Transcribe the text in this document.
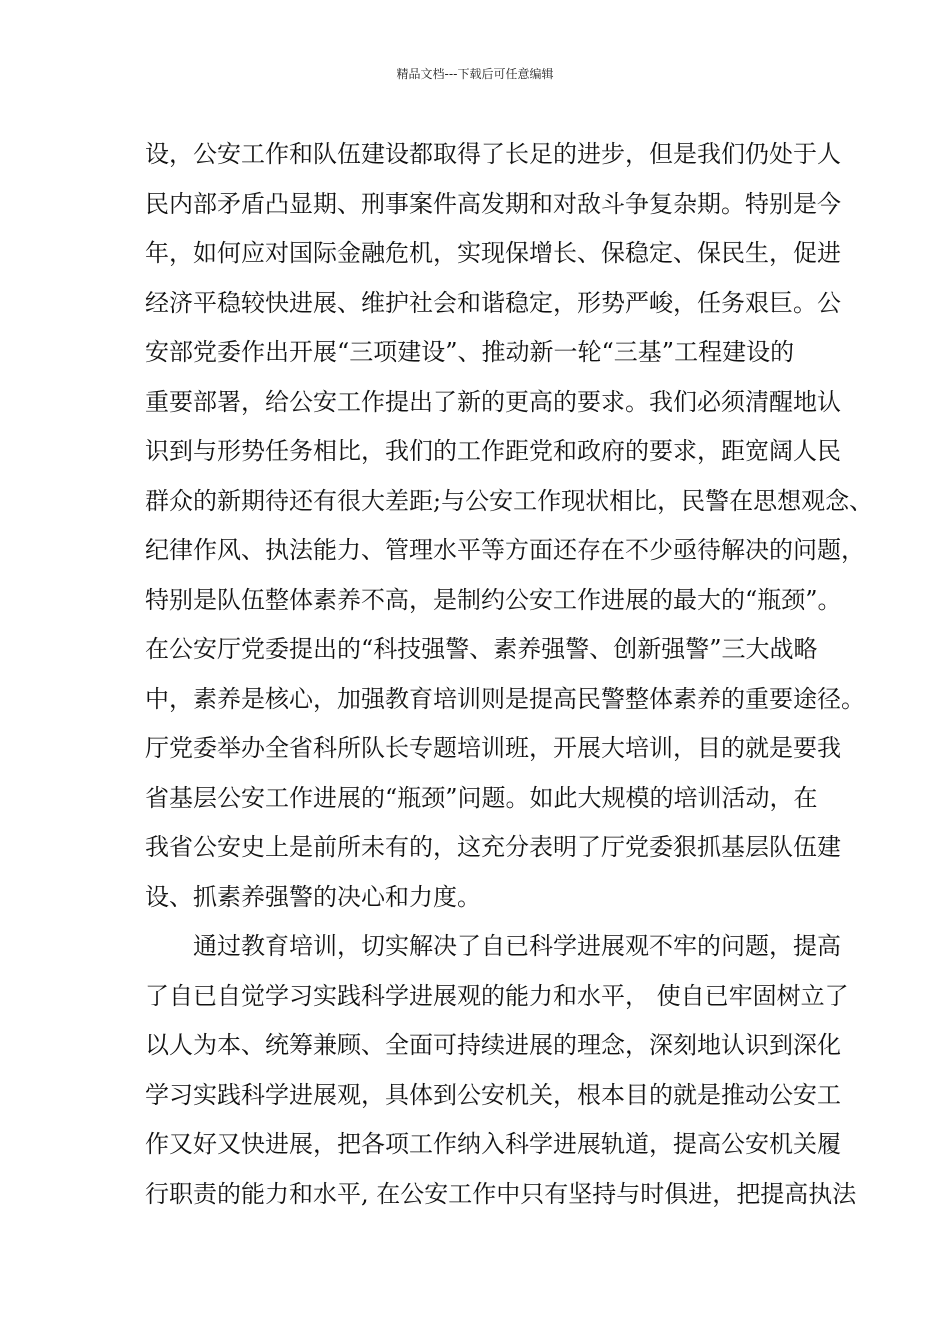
精品文档---下载后可任意编辑
设，公安工作和队伍建设都取得了长足的进步，但是我们仍处于人
民内部矛盾凸显期、刑事案件高发期和对敌斗争复杂期。特别是今
年，如何应对国际金融危机，实现保增长、保稳定、保民生，促进
经济平稳较快进展、维护社会和谐稳定，形势严峻，任务艰巨。公
安部党委作出开展“三项建设”、推动新一轮“三基”工程建设的
重要部署，给公安工作提出了新的更高的要求。我们必须清醒地认
识到与形势任务相比，我们的工作距党和政府的要求，距宽阔人民
群众的新期待还有很大差距;与公安工作现状相比，民警在思想观念、
纪律作风、执法能力、管理水平等方面还存在不少亟待解决的问题，
特别是队伍整体素养不高，是制约公安工作进展的最大的“瓶颈”。
在公安厅党委提出的“科技强警、素养强警、创新强警”三大战略
中，素养是核心，加强教育培训则是提高民警整体素养的重要途径。
厅党委举办全省科所队长专题培训班，开展大培训，目的就是要我
省基层公安工作进展的“瓶颈”问题。如此大规模的培训活动，在
我省公安史上是前所未有的，这充分表明了厅党委狠抓基层队伍建
设、抓素养强警的决心和力度。
通过教育培训，切实解决了自已科学进展观不牢的问题，提高
了自已自觉学习实践科学进展观的能力和水平， 使自已牢固树立了
以人为本、统筹兼顾、全面可持续进展的理念，深刻地认识到深化
学习实践科学进展观，具体到公安机关，根本目的就是推动公安工
作又好又快进展，把各项工作纳入科学进展轨道，提高公安机关履
行职责的能力和水平, 在公安工作中只有坚持与时俱进，把提高执法
